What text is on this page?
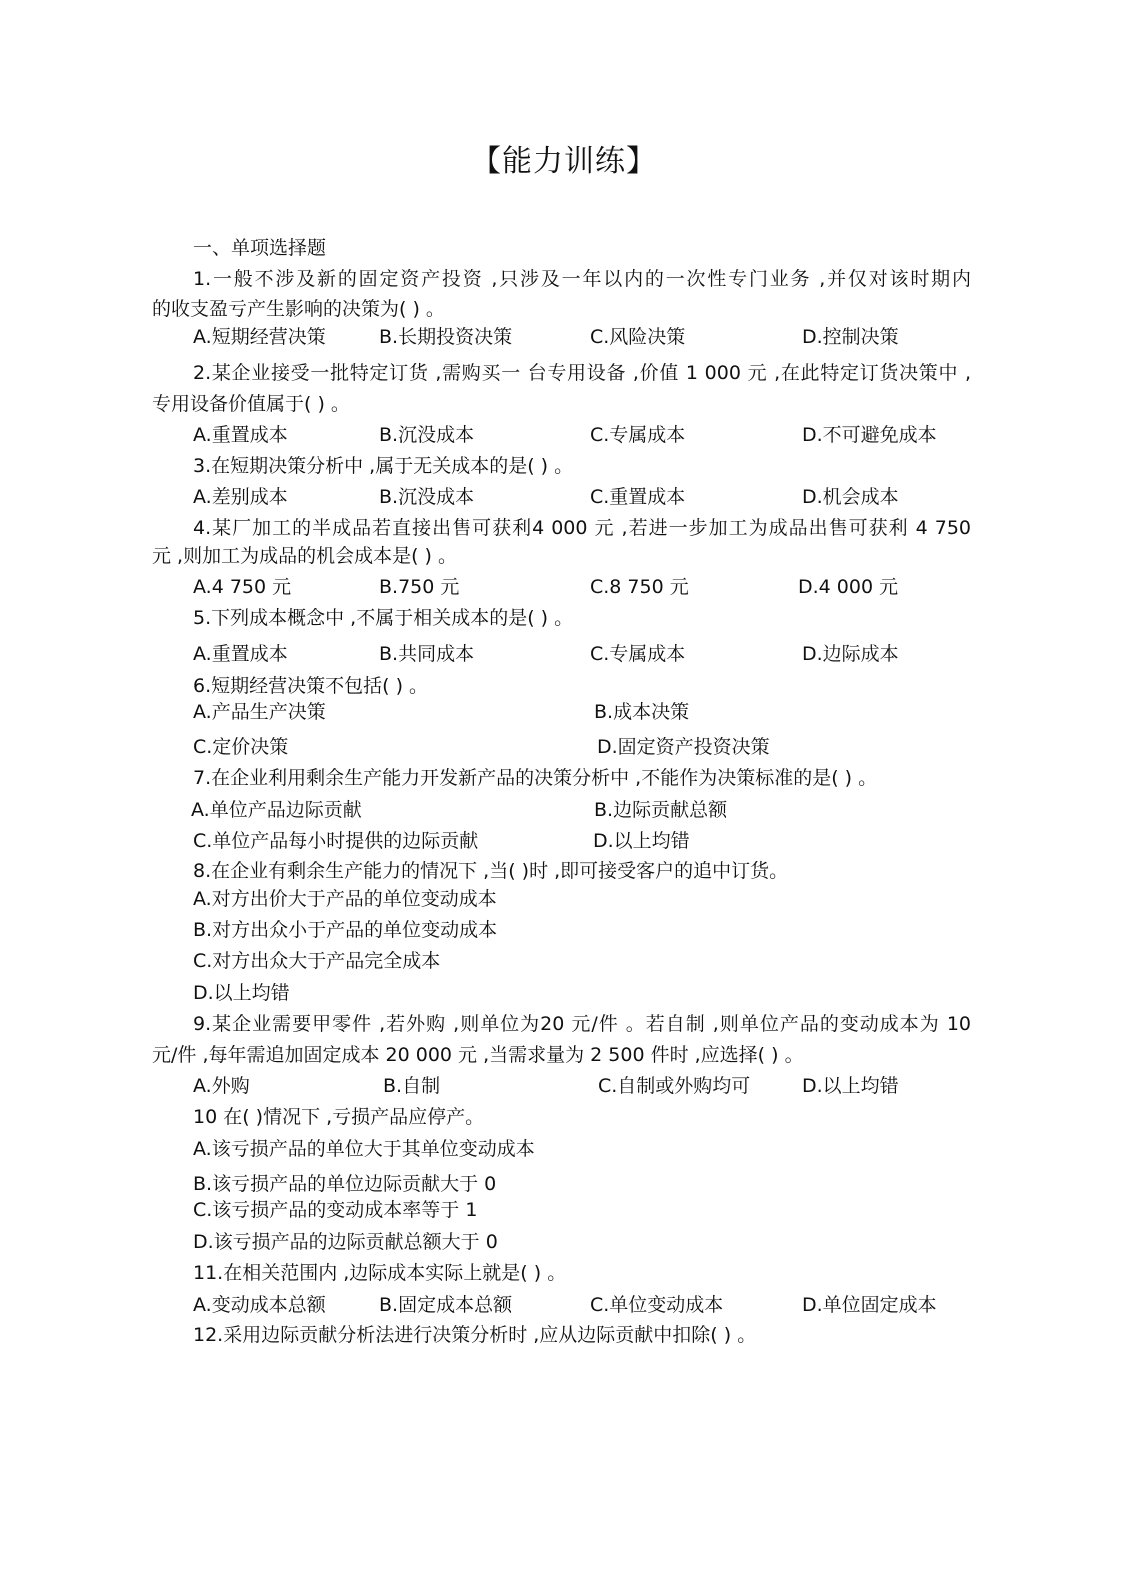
【能力训练】
一、单项选择题
1.一般不涉及新的固定资产投资 ,只涉及一年以内的一次性专门业务 ,并仅对该时期内
的收支盈亏产生影响的决策为( ) 。
A.短期经营决策	B.长期投资决策	C.风险决策	D.控制决策
2.某企业接受一批特定订货 ,需购买一 台专用设备 ,价值 1 000 元 ,在此特定订货决策中 ,
专用设备价值属于( ) 。
A.重置成本	B.沉没成本	C.专属成本	D.不可避免成本
3.在短期决策分析中 ,属于无关成本的是( ) 。
A.差别成本	B.沉没成本	C.重置成本	D.机会成本
4.某厂加工的半成品若直接出售可获利4 000 元 ,若进一步加工为成品出售可获利 4 750
元 ,则加工为成品的机会成本是( ) 。
A.4 750 元	B.750 元	C.8 750 元	D.4 000 元
5.下列成本概念中 ,不属于相关成本的是( ) 。
A.重置成本	B.共同成本	C.专属成本	D.边际成本
6.短期经营决策不包括( ) 。
A.产品生产决策	B.成本决策
C.定价决策	D.固定资产投资决策
7.在企业利用剩余生产能力开发新产品的决策分析中 ,不能作为决策标准的是( ) 。
A.单位产品边际贡献	B.边际贡献总额
C.单位产品每小时提供的边际贡献	D.以上均错
8.在企业有剩余生产能力的情况下 ,当( )时 ,即可接受客户的追中订货。
A.对方出价大于产品的单位变动成本
B.对方出众小于产品的单位变动成本
C.对方出众大于产品完全成本
D.以上均错
9.某企业需要甲零件 ,若外购 ,则单位为20 元/件 。若自制 ,则单位产品的变动成本为 10
元/件 ,每年需追加固定成本 20 000 元 ,当需求量为 2 500 件时 ,应选择( ) 。
A.外购	B.自制	C.自制或外购均可	D.以上均错
10 在( )情况下 ,亏损产品应停产。
A.该亏损产品的单位大于其单位变动成本
B.该亏损产品的单位边际贡献大于 0
C.该亏损产品的变动成本率等于 1
D.该亏损产品的边际贡献总额大于 0
11.在相关范围内 ,边际成本实际上就是( ) 。
A.变动成本总额	B.固定成本总额	C.单位变动成本	D.单位固定成本
12.采用边际贡献分析法进行决策分析时 ,应从边际贡献中扣除( ) 。
